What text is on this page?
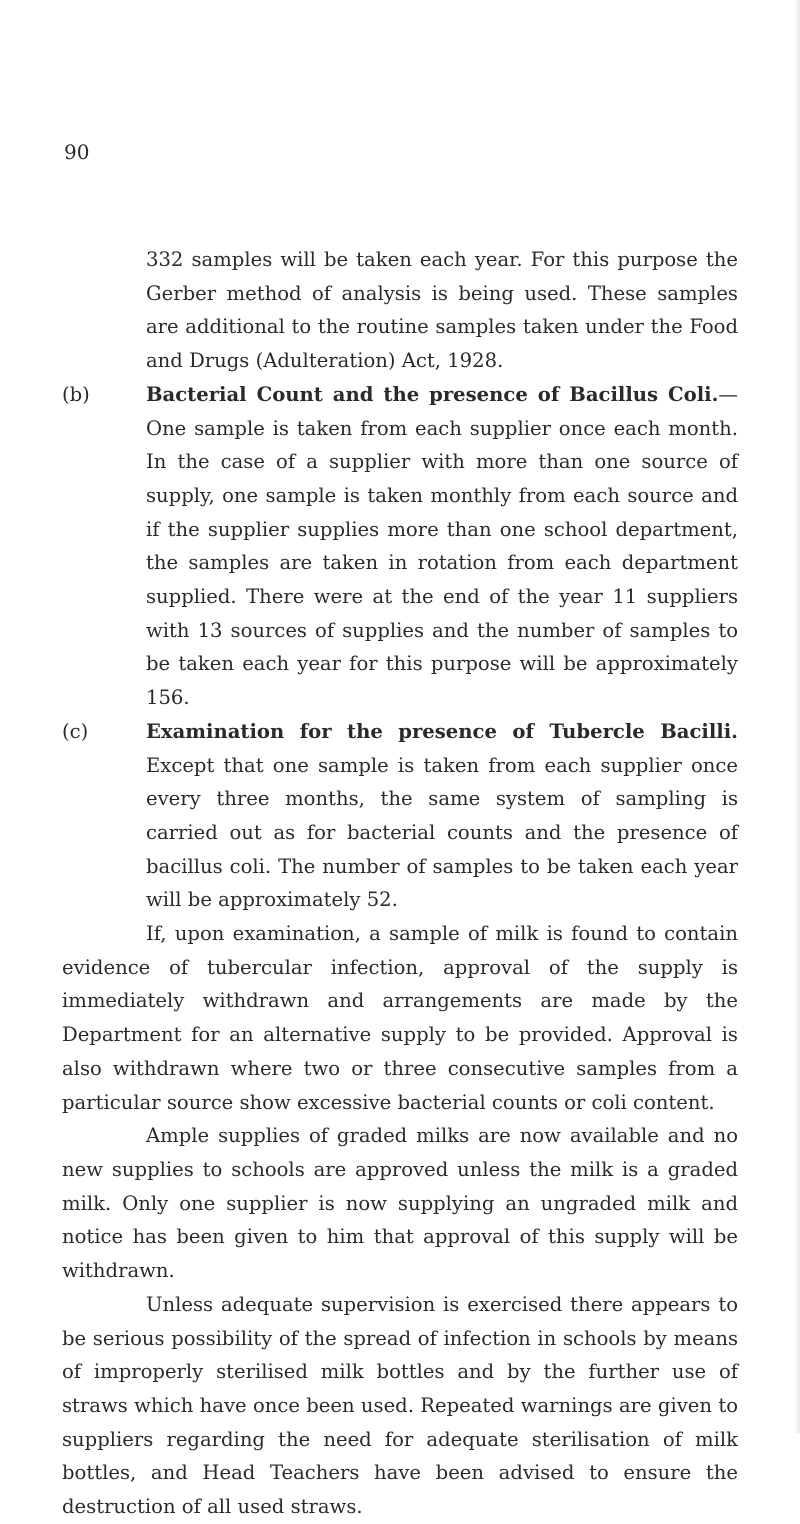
90

332 samples will be taken each year. For this purpose the Gerber method of analysis is being used. These samples are additional to the routine samples taken under the Food and Drugs (Adulteration) Act, 1928.

(b)	Bacterial Count and the presence of Bacillus Coli.—One sample is taken from each supplier once each month. In the case of a supplier with more than one source of supply, one sample is taken monthly from each source and if the supplier supplies more than one school department, the samples are taken in rotation from each department supplied. There were at the end of the year 11 suppliers with 13 sources of supplies and the number of samples to be taken each year for this purpose will be approximately 156.

(c)	Examination for the presence of Tubercle Bacilli. Except that one sample is taken from each supplier once every three months, the same system of sampling is carried out as for bacterial counts and the presence of bacillus coli. The number of samples to be taken each year will be approximately 52.

If, upon examination, a sample of milk is found to contain evidence of tubercular infection, approval of the supply is immediately withdrawn and arrangements are made by the Department for an alternative supply to be provided. Approval is also withdrawn where two or three consecutive samples from a particular source show excessive bacterial counts or coli content.

Ample supplies of graded milks are now available and no new supplies to schools are approved unless the milk is a graded milk. Only one supplier is now supplying an ungraded milk and notice has been given to him that approval of this supply will be withdrawn.

Unless adequate supervision is exercised there appears to be serious possibility of the spread of infection in schools by means of improperly sterilised milk bottles and by the further use of straws which have once been used. Repeated warnings are given to suppliers regarding the need for adequate sterilisation of milk bottles, and Head Teachers have been advised to ensure the destruction of all used straws.
